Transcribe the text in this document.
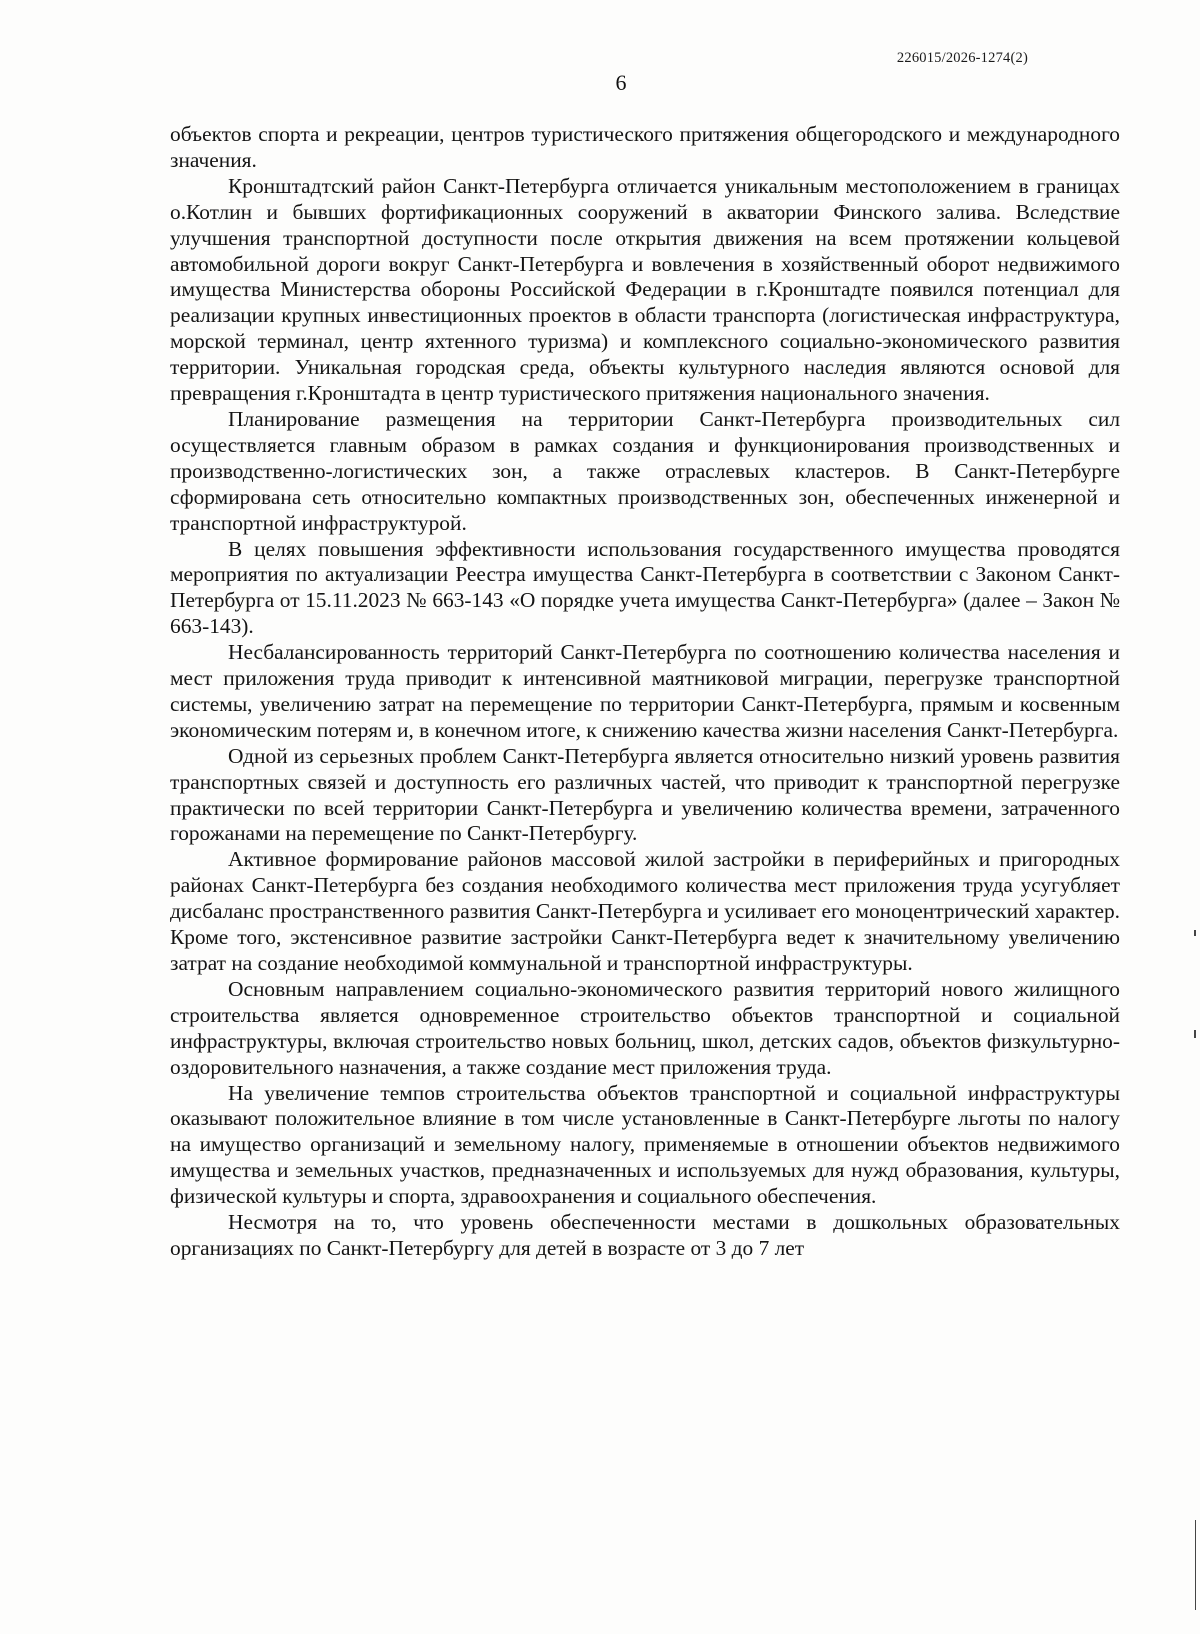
226015/2026-1274(2)
6

объектов спорта и рекреации, центров туристического притяжения общегородского и международного значения.

Кронштадтский район Санкт-Петербурга отличается уникальным местоположением в границах о.Котлин и бывших фортификационных сооружений в акватории Финского залива. Вследствие улучшения транспортной доступности после открытия движения на всем протяжении кольцевой автомобильной дороги вокруг Санкт-Петербурга и вовлечения в хозяйственный оборот недвижимого имущества Министерства обороны Российской Федерации в г.Кронштадте появился потенциал для реализации крупных инвестиционных проектов в области транспорта (логистическая инфраструктура, морской терминал, центр яхтенного туризма) и комплексного социально-экономического развития территории. Уникальная городская среда, объекты культурного наследия являются основой для превращения г.Кронштадта в центр туристического притяжения национального значения.

Планирование размещения на территории Санкт-Петербурга производительных сил осуществляется главным образом в рамках создания и функционирования производственных и производственно-логистических зон, а также отраслевых кластеров. В Санкт-Петербурге сформирована сеть относительно компактных производственных зон, обеспеченных инженерной и транспортной инфраструктурой.

В целях повышения эффективности использования государственного имущества проводятся мероприятия по актуализации Реестра имущества Санкт-Петербурга в соответствии с Законом Санкт-Петербурга от 15.11.2023 № 663-143 «О порядке учета имущества Санкт-Петербурга» (далее – Закон № 663-143).

Несбалансированность территорий Санкт-Петербурга по соотношению количества населения и мест приложения труда приводит к интенсивной маятниковой миграции, перегрузке транспортной системы, увеличению затрат на перемещение по территории Санкт-Петербурга, прямым и косвенным экономическим потерям и, в конечном итоге, к снижению качества жизни населения Санкт-Петербурга.

Одной из серьезных проблем Санкт-Петербурга является относительно низкий уровень развития транспортных связей и доступность его различных частей, что приводит к транспортной перегрузке практически по всей территории Санкт-Петербурга и увеличению количества времени, затраченного горожанами на перемещение по Санкт-Петербургу.

Активное формирование районов массовой жилой застройки в периферийных и пригородных районах Санкт-Петербурга без создания необходимого количества мест приложения труда усугубляет дисбаланс пространственного развития Санкт-Петербурга и усиливает его моноцентрический характер. Кроме того, экстенсивное развитие застройки Санкт-Петербурга ведет к значительному увеличению затрат на создание необходимой коммунальной и транспортной инфраструктуры.

Основным направлением социально-экономического развития территорий нового жилищного строительства является одновременное строительство объектов транспортной и социальной инфраструктуры, включая строительство новых больниц, школ, детских садов, объектов физкультурно-оздоровительного назначения, а также создание мест приложения труда.

На увеличение темпов строительства объектов транспортной и социальной инфраструктуры оказывают положительное влияние в том числе установленные в Санкт-Петербурге льготы по налогу на имущество организаций и земельному налогу, применяемые в отношении объектов недвижимого имущества и земельных участков, предназначенных и используемых для нужд образования, культуры, физической культуры и спорта, здравоохранения и социального обеспечения.

Несмотря на то, что уровень обеспеченности местами в дошкольных образовательных организациях по Санкт-Петербургу для детей в возрасте от 3 до 7 лет
